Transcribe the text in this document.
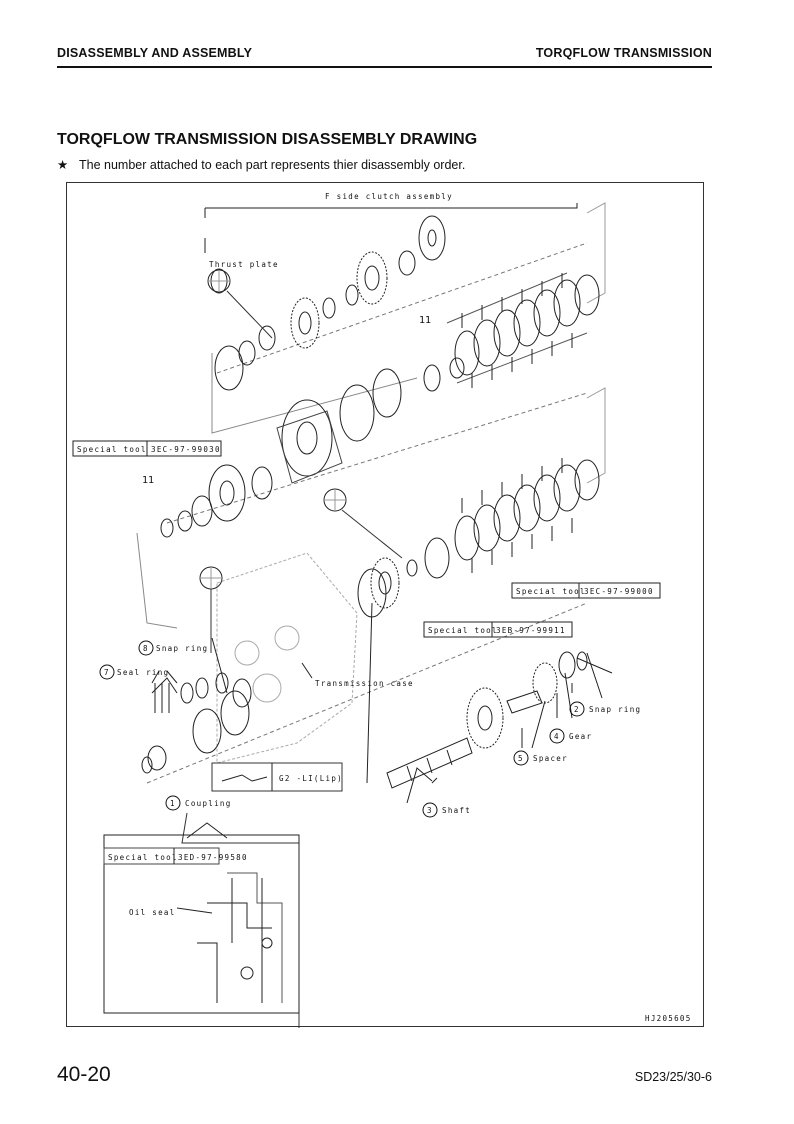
DISASSEMBLY AND ASSEMBLY	TORQFLOW TRANSMISSION
TORQFLOW TRANSMISSION DISASSEMBLY DRAWING
★ The number attached to each part represents thier disassembly order.
F side clutch assembly
Thrust plate
11
11
Special tool 3EC-97-99030
Special tool
3EC-97-99000
Special tool
3EB-97-99911
Special tool 3ED-97-99580
8 Snap ring
7 Seal ring
Transmission case
2 Snap ring
4 Gear
5 Spacer
3 Shaft
1 Coupling
G2 -LI(Lip)
Oil seal
HJ205605
40-20	SD23/25/30-6
